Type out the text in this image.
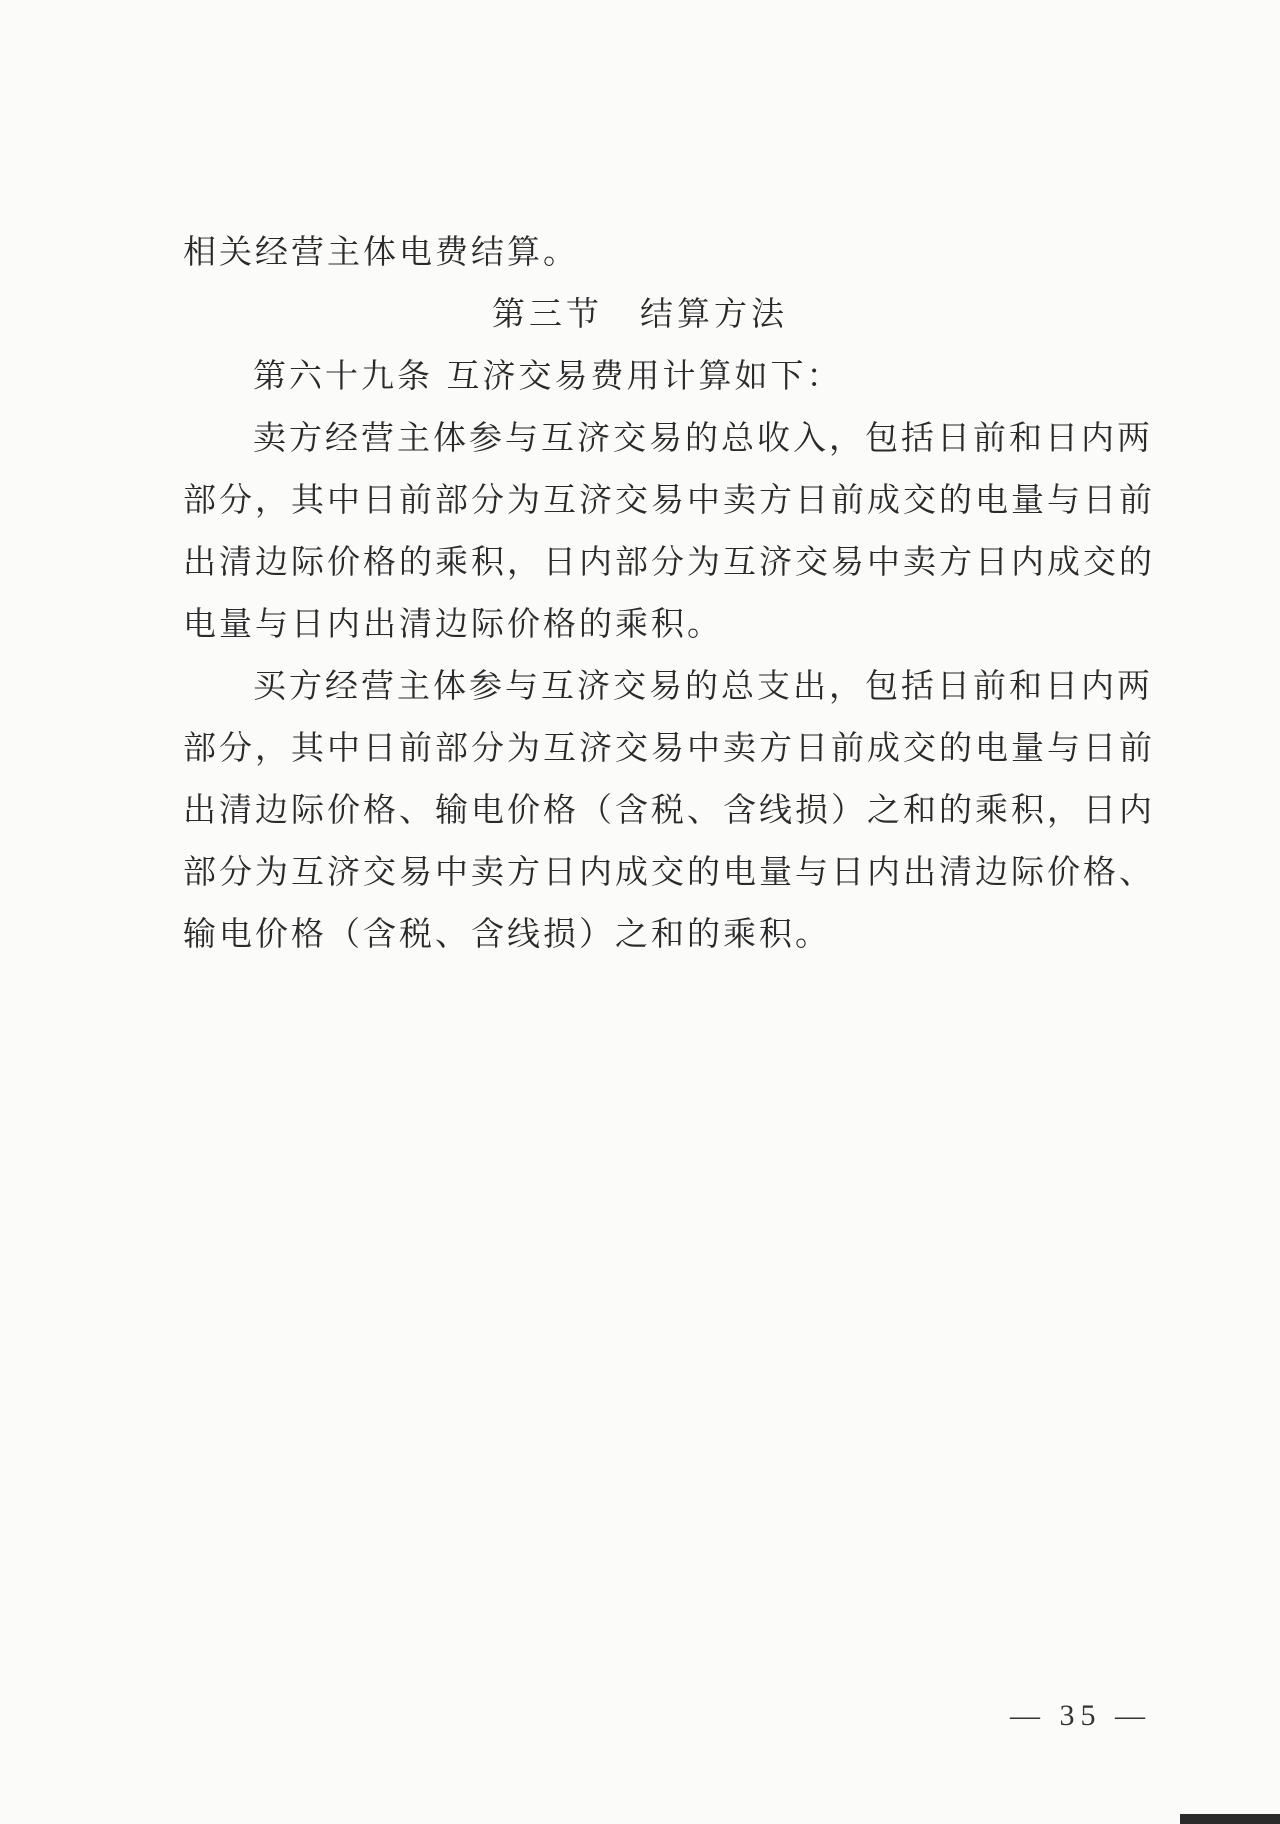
相关经营主体电费结算。
第三节　结算方法
第六十九条 互济交易费用计算如下：
卖方经营主体参与互济交易的总收入，包括日前和日内两
部分，其中日前部分为互济交易中卖方日前成交的电量与日前
出清边际价格的乘积，日内部分为互济交易中卖方日内成交的
电量与日内出清边际价格的乘积。
买方经营主体参与互济交易的总支出，包括日前和日内两
部分，其中日前部分为互济交易中卖方日前成交的电量与日前
出清边际价格、输电价格（含税、含线损）之和的乘积，日内
部分为互济交易中卖方日内成交的电量与日内出清边际价格、
输电价格（含税、含线损）之和的乘积。
— 35 —
